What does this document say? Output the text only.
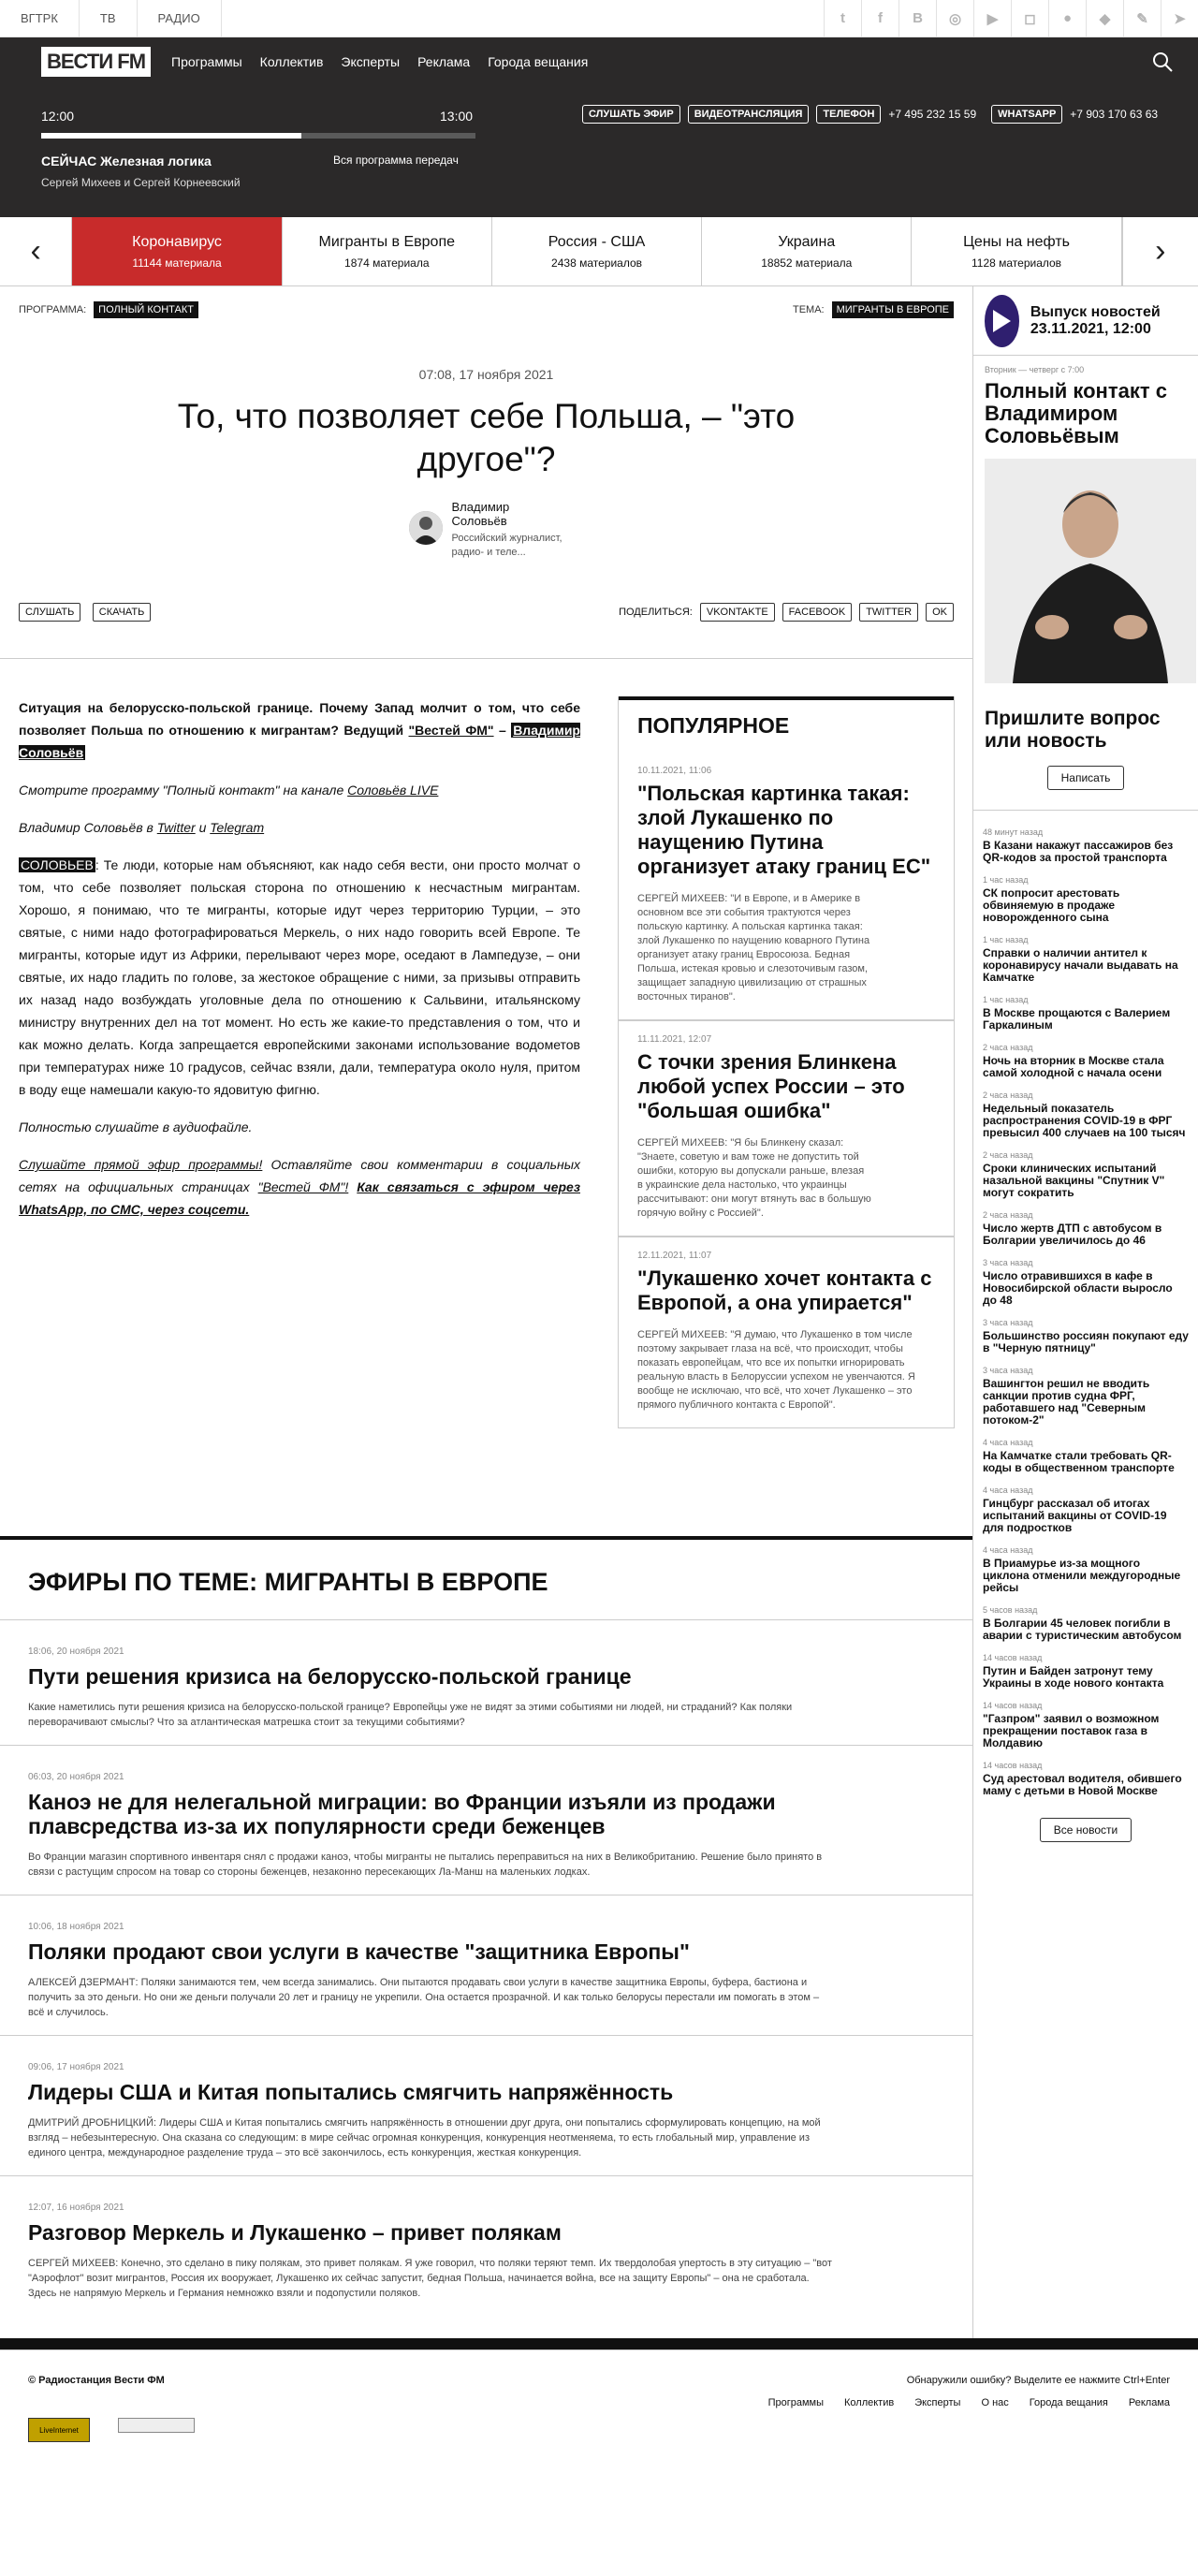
ВГТРК	ТВ	РАДИО	t	f	B	◎	▶	◻	●	◆	✎	➤
ВЕСТИ FM	Программы Коллектив Эксперты Реклама Города вещания
12:00	13:00
СЕЙЧАС Железная логика	Вся программа передач
Сергей Михеев и Сергей Корнеевский
СЛУШАТЬ ЭФИР	ВИДЕОТРАНСЛЯЦИЯ	ТЕЛЕФОН	+7 495 232 15 59	WHATSAPP	+7 903 170 63 63
‹	Коронавирус
11144 материала
Мигранты в Европе
1874 материала
Россия - США
2438 материалов
Украина
18852 материала
Цены на нефть
1128 материалов	›
ПРОГРАММА: ПОЛНЫЙ КОНТАКТ	ТЕМА: МИГРАНТЫ В ЕВРОПЕ
07:08, 17 ноября 2021
То, что позволяет себе Польша, – "это другое"?
Владимир Соловьёв
Российский журналист, радио- и теле...
СЛУШАТЬ СКАЧАТЬ	ПОДЕЛИТЬСЯ:	VKONTAKTE	FACEBOOK	TWITTER	OK

Ситуация на белорусско-польской границе. Почему Запад молчит о том, что себе позволяет Польша по отношению к мигрантам? Ведущий "Вестей ФМ" – Владимир Соловьёв

Смотрите программу "Полный контакт" на канале Соловьёв LIVE

Владимир Соловьёв в Twitter и Telegram

СОЛОВЬЕВ : Те люди, которые нам объясняют, как надо себя вести, они просто молчат о том, что себе позволяет польская сторона по отношению к несчастным мигрантам. Хорошо, я понимаю, что те мигранты, которые идут через территорию Турции, – это святые, с ними надо фотографироваться Меркель, о них надо говорить всей Европе. Те мигранты, которые идут из Африки, перелывают через море, оседают в Лампедузе, – они святые, их надо гладить по голове, за жестокое обращение с ними, за призывы отправить их назад надо возбуждать уголовные дела по отношению к Сальвини, итальянскому министру внутренних дел на тот момент. Но есть же какие-то представления о том, что и как можно делать. Когда запрещается европейскими законами использование водометов при температурах ниже 10 градусов, сейчас взяли, дали, температура около нуля, притом в воду еще намешали какую-то ядовитую фигню.

Полностью слушайте в аудиофайле.

Слушайте прямой эфир программы! Оставляйте свои комментарии в социальных сетях на официальных страницах "Вестей ФМ"! Как связаться с эфиром через WhatsApp, по СМС, через соцсети.

ПОПУЛЯРНОЕ
10.11.2021, 11:06
"Польская картинка такая: злой Лукашенко по наущению Путина организует атаку границ ЕС"
СЕРГЕЙ МИХЕЕВ: "И в Европе, и в Америке в основном все эти события трактуются через польскую картинку. А польская картинка такая: злой Лукашенко по наущению коварного Путина организует атаку границ Евросоюза. Бедная Польша, истекая кровью и слезоточивым газом, защищает западную цивилизацию от страшных восточных тиранов".
11.11.2021, 12:07
С точки зрения Блинкена любой успех России – это "большая ошибка"
СЕРГЕЙ МИХЕЕВ: "Я бы Блинкену сказал: "Знаете, советую и вам тоже не допустить той ошибки, которую вы допускали раньше, влезая в украинские дела настолько, что украинцы рассчитывают: они могут втянуть вас в большую горячую войну с Россией".
12.11.2021, 11:07
"Лукашенко хочет контакта с Европой, а она упирается"
СЕРГЕЙ МИХЕЕВ: "Я думаю, что Лукашенко в том числе поэтому закрывает глаза на всё, что происходит, чтобы показать европейцам, что все их попытки игнорировать реальную власть в Белоруссии успехом не увенчаются. Я вообще не исключаю, что всё, что хочет Лукашенко – это прямого публичного контакта с Европой".
ЭФИРЫ ПО ТЕМЕ: МИГРАНТЫ В ЕВРОПЕ
18:06, 20 ноября 2021
Пути решения кризиса на белорусско-польской границе
Какие наметились пути решения кризиса на белорусско-польской границе? Европейцы уже не видят за этими событиями ни людей, ни страданий? Как поляки переворачивают смыслы? Что за атлантическая матрешка стоит за текущими событиями?
06:03, 20 ноября 2021
Каноэ не для нелегальной миграции: во Франции изъяли из продажи плавсредства из-за их популярности среди беженцев
Во Франции магазин спортивного инвентаря снял с продажи каноэ, чтобы мигранты не пытались переправиться на них в Великобританию. Решение было принято в связи с растущим спросом на товар со стороны беженцев, незаконно пересекающих Ла-Манш на маленьких лодках.
10:06, 18 ноября 2021
Поляки продают свои услуги в качестве "защитника Европы"
АЛЕКСЕЙ ДЗЕРМАНТ: Поляки занимаются тем, чем всегда занимались. Они пытаются продавать свои услуги в качестве защитника Европы, буфера, бастиона и получить за это деньги. Но они же деньги получали 20 лет и границу не укрепили. Она остается прозрачной. И как только белорусы перестали им помогать в этом – всё и случилось.
09:06, 17 ноября 2021
Лидеры США и Китая попытались смягчить напряжённость
ДМИТРИЙ ДРОБНИЦКИЙ: Лидеры США и Китая попытались смягчить напряжённость в отношении друг друга, они попытались сформулировать концепцию, на мой взгляд – небезынтересную. Она сказана со следующим: в мире сейчас огромная конкуренция, конкуренция неотменяема, то есть глобальный мир, управление из единого центра, международное разделение труда – это всё закончилось, есть конкуренция, жесткая конкуренция.
12:07, 16 ноября 2021
Разговор Меркель и Лукашенко – привет полякам
СЕРГЕЙ МИХЕЕВ: Конечно, это сделано в пику полякам, это привет полякам. Я уже говорил, что поляки теряют темп. Их твердолобая упертость в эту ситуацию – "вот "Аэрофлот" возит мигрантов, Россия их вооружает, Лукашенко их сейчас запустит, бедная Польша, начинается война, все на защиту Европы" – она не сработала. Здесь не напрямую Меркель и Германия немножко взяли и подопустили поляков.
Выпуск новостей 23.11.2021, 12:00
Вторник — четверг с 7:00
Полный контакт с Владимиром Соловьёвым
Пришлите вопрос или новость
Написать
48 минут назад
В Казани накажут пассажиров без QR-кодов за простой транспорта
1 час назад
СК попросит арестовать обвиняемую в продаже новорожденного сына
1 час назад
Справки о наличии антител к коронавирусу начали выдавать на Камчатке
1 час назад
В Москве прощаются с Валерием Гаркалиным
2 часа назад
Ночь на вторник в Москве стала самой холодной с начала осени
2 часа назад
Недельный показатель распространения COVID-19 в ФРГ превысил 400 случаев на 100 тысяч
2 часа назад
Сроки клинических испытаний назальной вакцины "Спутник V" могут сократить
2 часа назад
Число жертв ДТП с автобусом в Болгарии увеличилось до 46
3 часа назад
Число отравившихся в кафе в Новосибирской области выросло до 48
3 часа назад
Большинство россиян покупают еду в "Черную пятницу"
3 часа назад
Вашингтон решил не вводить санкции против судна ФРГ, работавшего над "Северным потоком-2"
4 часа назад
На Камчатке стали требовать QR-коды в общественном транспорте
4 часа назад
Гинцбург рассказал об итогах испытаний вакцины от COVID-19 для подростков
4 часа назад
В Приамурье из-за мощного циклона отменили междугородные рейсы
5 часов назад
В Болгарии 45 человек погибли в аварии с туристическим автобусом
14 часов назад
Путин и Байден затронут тему Украины в ходе нового контакта
14 часов назад
"Газпром" заявил о возможном прекращении поставок газа в Молдавию
14 часов назад
Суд арестовал водителя, обившего маму с детьми в Новой Москве
Все новости
© Радиостанция Вести ФМ	Обнаружили ошибку? Выделите ее нажмите Ctrl+Enter
Программы Коллектив Эксперты О нас Города вещания Реклама
LiveInternet
